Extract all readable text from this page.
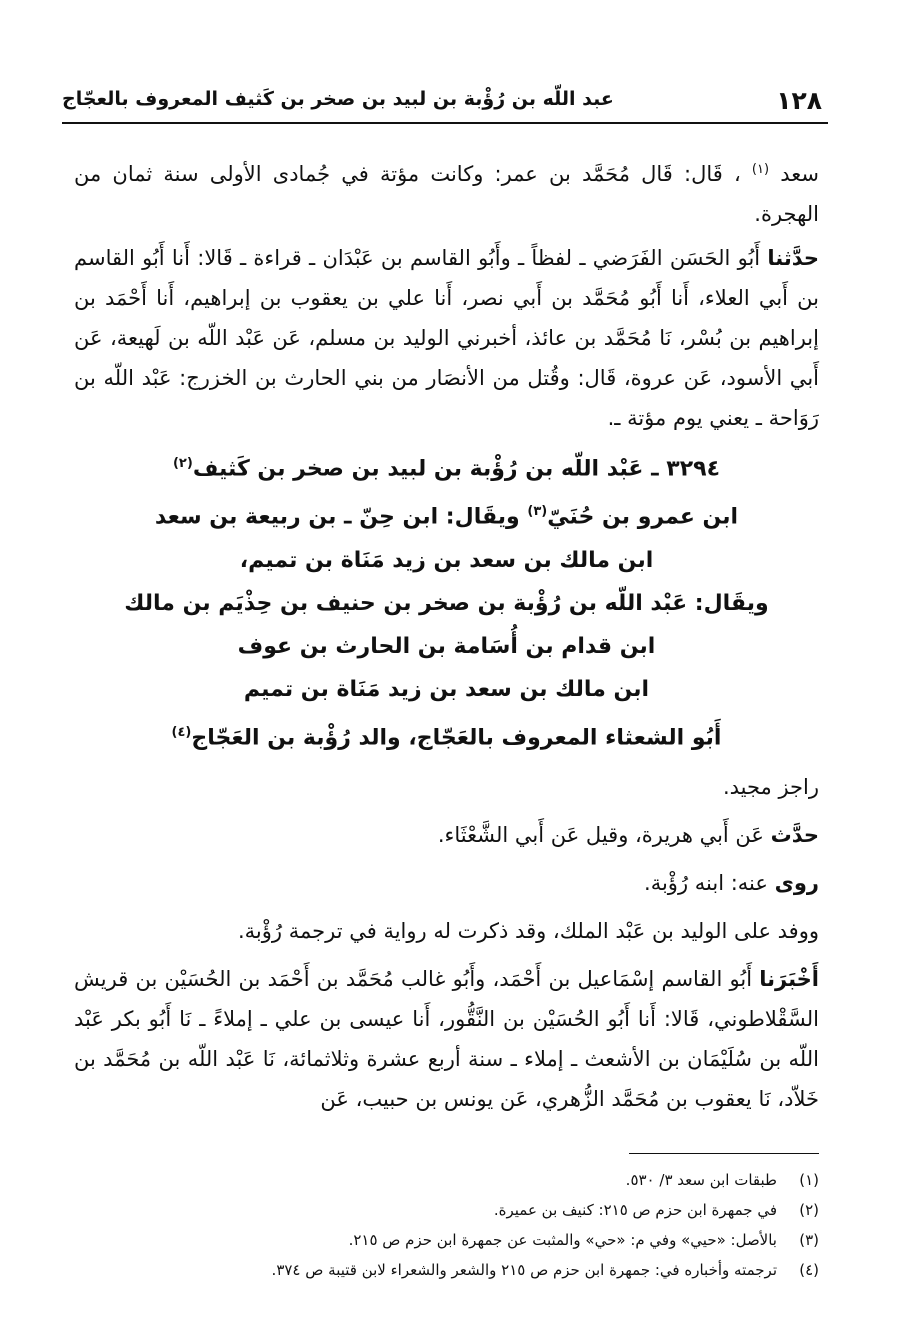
١٢٨
عبد اللّه بن رُؤْبة بن لبيد بن صخر بن كَثيف المعروف بالعجّاج

سعد $^{(١)}$ ، قَال: قَال مُحَمَّد بن عمر: وكانت مؤتة في جُمادى الأولى سنة ثمان من الهجرة.

حدَّثنا أَبُو الحَسَن الفَرَضي ـ لفظاً ـ وأَبُو القاسم بن عَبْدَان ـ قراءة ـ قَالا: أَنا أَبُو القاسم بن أَبي العلاء، أَنا أَبُو مُحَمَّد بن أَبي نصر، أَنا علي بن يعقوب بن إبراهيم، أَنا أَحْمَد بن إبراهيم بن بُسْر، نَا مُحَمَّد بن عائذ، أخبرني الوليد بن مسلم، عَن عَبْد اللّه بن لَهيعة، عَن أَبي الأسود، عَن عروة، قَال: وقُتل من الأنصَار من بني الحارث بن الخزرج: عَبْد اللّه بن رَوَاحة ـ يعني يوم مؤتة ـ.

٣٢٩٤ ـ عَبْد اللّه بن رُؤْبة بن لبيد بن صخر بن كَثيف$^{(٢)}$
ابن عمرو بن حُنَيّ$^{(٣)}$ ويقَال: ابن حِنّ ـ بن ربيعة بن سعد
ابن مالك بن سعد بن زيد مَنَاة بن تميم،
ويقَال: عَبْد اللّه بن رُؤْبة بن صخر بن حنيف بن حِذْيَم بن مالك
ابن قدام بن أُسَامة بن الحارث بن عوف
ابن مالك بن سعد بن زيد مَنَاة بن تميم
أَبُو الشعثاء المعروف بالعَجّاج، والد رُؤْبة بن العَجّاج$^{(٤)}$

راجز مجيد.

حدَّث عَن أَبي هريرة، وقيل عَن أَبي الشَّعْثَاء.

روى عنه: ابنه رُؤْبة.

ووفد على الوليد بن عَبْد الملك، وقد ذكرت له رواية في ترجمة رُؤْبة.

أَخْبَرَنا أَبُو القاسم إسْمَاعيل بن أَحْمَد، وأَبُو غالب مُحَمَّد بن أَحْمَد بن الحُسَيْن بن قريش السَّقْلاطوني، قَالا: أَنا أَبُو الحُسَيْن بن النَّقُّور، أَنا عيسى بن علي ـ إملاءً ـ نَا أَبُو بكر عَبْد اللّه بن سُلَيْمَان بن الأشعث ـ إملاء ـ سنة أربع عشرة وثلاثمائة، نَا عَبْد اللّه بن مُحَمَّد بن خَلاّد، نَا يعقوب بن مُحَمَّد الزُّهري، عَن يونس بن حبيب، عَن

(١)طبقات ابن سعد ٣/ ٥٣٠.
(٢)في جمهرة ابن حزم ص ٢١٥: كنيف بن عميرة.
(٣)بالأصل: «حيي» وفي م: «حي» والمثبت عن جمهرة ابن حزم ص ٢١٥.
(٤)ترجمته وأخباره في: جمهرة ابن حزم ص ٢١٥ والشعر والشعراء لابن قتيبة ص ٣٧٤.
